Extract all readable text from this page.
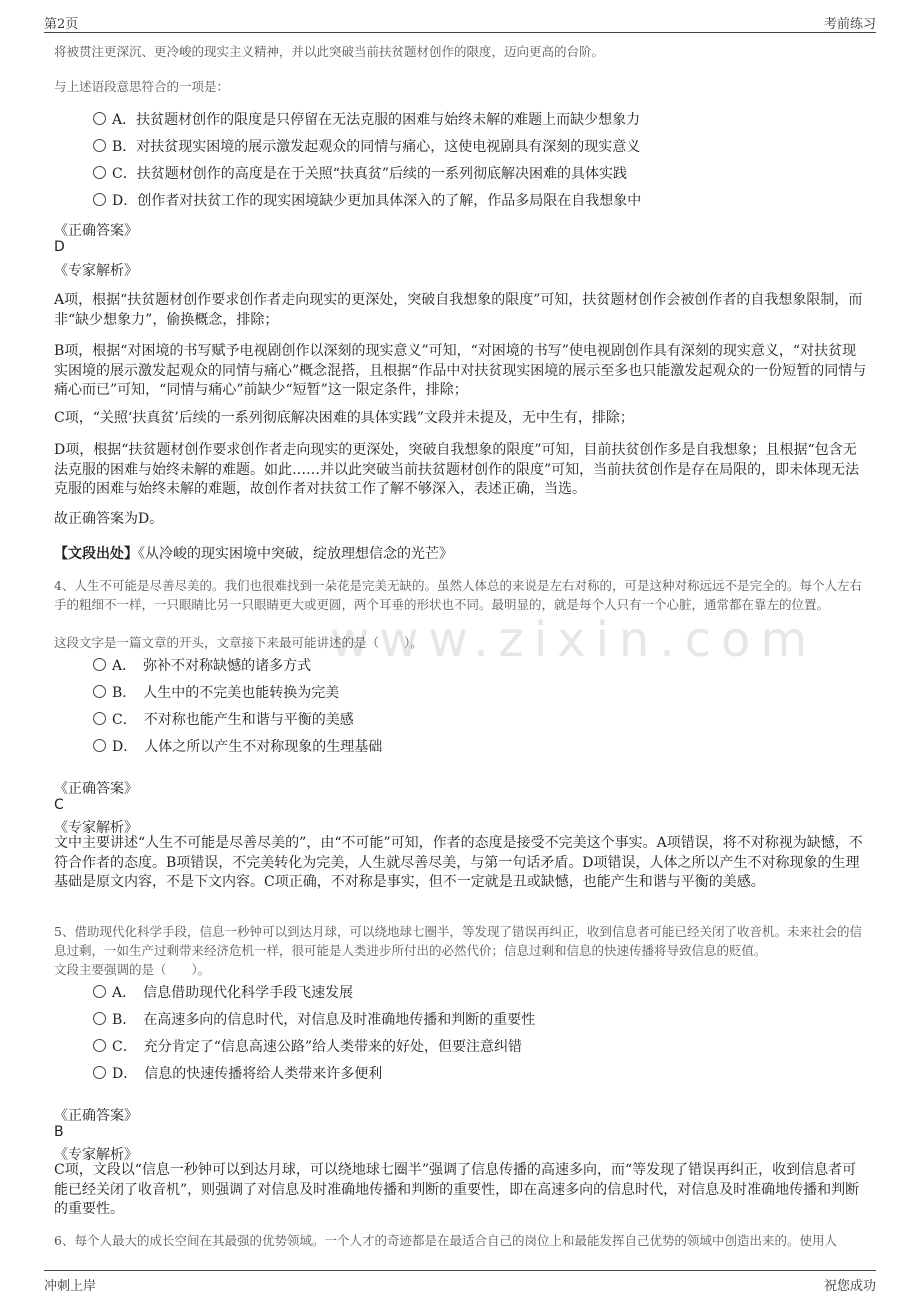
第2页	考前练习
www.zixin.com
将被贯注更深沉、更冷峻的现实主义精神，并以此突破当前扶贫题材创作的限度，迈向更高的台阶。
与上述语段意思符合的一项是：
A．扶贫题材创作的限度是只停留在无法克服的困难与始终未解的难题上而缺少想象力
B．对扶贫现实困境的展示激发起观众的同情与痛心，这使电视剧具有深刻的现实意义
C．扶贫题材创作的高度是在于关照“扶真贫”后续的一系列彻底解决困难的具体实践
D．创作者对扶贫工作的现实困境缺少更加具体深入的了解，作品多局限在自我想象中
《正确答案》
D
《专家解析》
A项，根据“扶贫题材创作要求创作者走向现实的更深处，突破自我想象的限度”可知，扶贫题材创作会被创作者的自我想象限制，而非“缺少想象力”，偷换概念，排除；
B项，根据“对困境的书写赋予电视剧创作以深刻的现实意义”可知，“对困境的书写”使电视剧创作具有深刻的现实意义，“对扶贫现实困境的展示激发起观众的同情与痛心”概念混搭，且根据“作品中对扶贫现实困境的展示至多也只能激发起观众的一份短暂的同情与痛心而已”可知，“同情与痛心”前缺少“短暂”这一限定条件，排除；
C项，“关照‘扶真贫’后续的一系列彻底解决困难的具体实践”文段并未提及，无中生有，排除；
D项，根据“扶贫题材创作要求创作者走向现实的更深处，突破自我想象的限度”可知，目前扶贫创作多是自我想象；且根据“包含无法克服的困难与始终未解的难题。如此……并以此突破当前扶贫题材创作的限度”可知，当前扶贫创作是存在局限的，即未体现无法克服的困难与始终未解的难题，故创作者对扶贫工作了解不够深入，表述正确，当选。
故正确答案为D。
【文段出处】《从冷峻的现实困境中突破，绽放理想信念的光芒》
4、人生不可能是尽善尽美的。我们也很难找到一朵花是完美无缺的。虽然人体总的来说是左右对称的，可是这种对称远远不是完全的。每个人左右手的粗细不一样，一只眼睛比另一只眼睛更大或更圆，两个耳垂的形状也不同。最明显的，就是每个人只有一个心脏，通常都在靠左的位置。
这段文字是一篇文章的开头，文章接下来最可能讲述的是（　　）。
A．　弥补不对称缺憾的诸多方式
B．　人生中的不完美也能转换为完美
C．　不对称也能产生和谐与平衡的美感
D．　人体之所以产生不对称现象的生理基础
《正确答案》
C
《专家解析》
文中主要讲述“人生不可能是尽善尽美的”，由“不可能”可知，作者的态度是接受不完美这个事实。A项错误，将不对称视为缺憾，不符合作者的态度。B项错误，不完美转化为完美，人生就尽善尽美，与第一句话矛盾。D项错误，人体之所以产生不对称现象的生理基础是原文内容，不是下文内容。C项正确，不对称是事实，但不一定就是丑或缺憾，也能产生和谐与平衡的美感。
5、借助现代化科学手段，信息一秒钟可以到达月球，可以绕地球七圈半，等发现了错误再纠正，收到信息者可能已经关闭了收音机。未来社会的信息过剩，一如生产过剩带来经济危机一样，很可能是人类进步所付出的必然代价；信息过剩和信息的快速传播将导致信息的贬值。
文段主要强调的是（　　）。
A．　信息借助现代化科学手段飞速发展
B．　在高速多向的信息时代，对信息及时准确地传播和判断的重要性
C．　充分肯定了“信息高速公路”给人类带来的好处，但要注意纠错
D．　信息的快速传播将给人类带来许多便利
《正确答案》
B
《专家解析》
C项，文段以“信息一秒钟可以到达月球，可以绕地球七圈半”强调了信息传播的高速多向，而“等发现了错误再纠正，收到信息者可能已经关闭了收音机”，则强调了对信息及时准确地传播和判断的重要性，即在高速多向的信息时代，对信息及时准确地传播和判断的重要性。
6、每个人最大的成长空间在其最强的优势领域。一个人才的奇迹都是在最适合自己的岗位上和最能发挥自己优势的领域中创造出来的。使用人
冲刺上岸	祝您成功
